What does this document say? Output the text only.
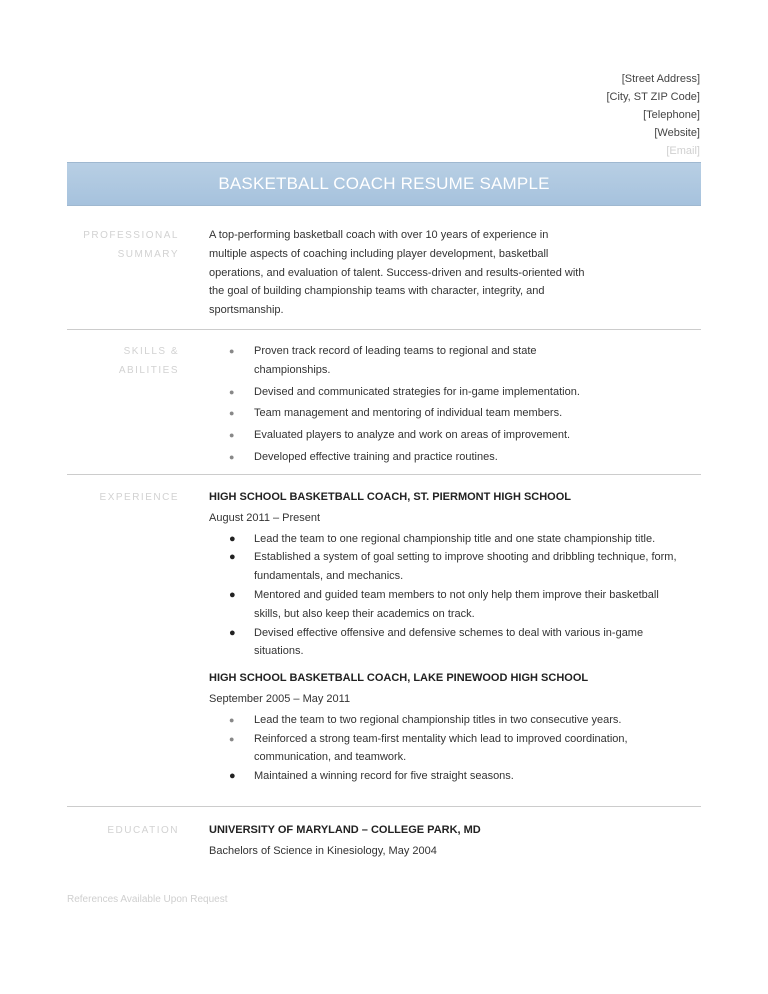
[Street Address]
[City, ST ZIP Code]
[Telephone]
[Website]
[Email]
BASKETBALL COACH RESUME SAMPLE
PROFESSIONAL
SUMMARY
A top-performing basketball coach with over 10 years of experience in
multiple aspects of coaching including player development, basketball
operations, and evaluation of talent. Success-driven and results-oriented with
the goal of building championship teams with character, integrity, and
sportsmanship.
SKILLS & ABILITIES
● Proven track record of leading teams to regional and state
championships.
● Devised and communicated strategies for in-game implementation.
● Team management and mentoring of individual team members.
● Evaluated players to analyze and work on areas of improvement.
● Developed effective training and practice routines.
EXPERIENCE	HIGH SCHOOL BASKETBALL COACH, ST. PIERMONT HIGH SCHOOL
August 2011 – Present
● Lead the team to one regional championship title and one state championship title.
● Established a system of goal setting to improve shooting and dribbling technique, form,
fundamentals, and mechanics.
● Mentored and guided team members to not only help them improve their basketball
skills, but also keep their academics on track.
● Devised effective offensive and defensive schemes to deal with various in-game
situations.
HIGH SCHOOL BASKETBALL COACH, LAKE PINEWOOD HIGH SCHOOL
September 2005 – May 2011
● Lead the team to two regional championship titles in two consecutive years.
● Reinforced a strong team-first mentality which lead to improved coordination,
communication, and teamwork.
● Maintained a winning record for five straight seasons.
EDUCATION	UNIVERSITY OF MARYLAND – COLLEGE PARK, MD
Bachelors of Science in Kinesiology, May 2004
References Available Upon Request
